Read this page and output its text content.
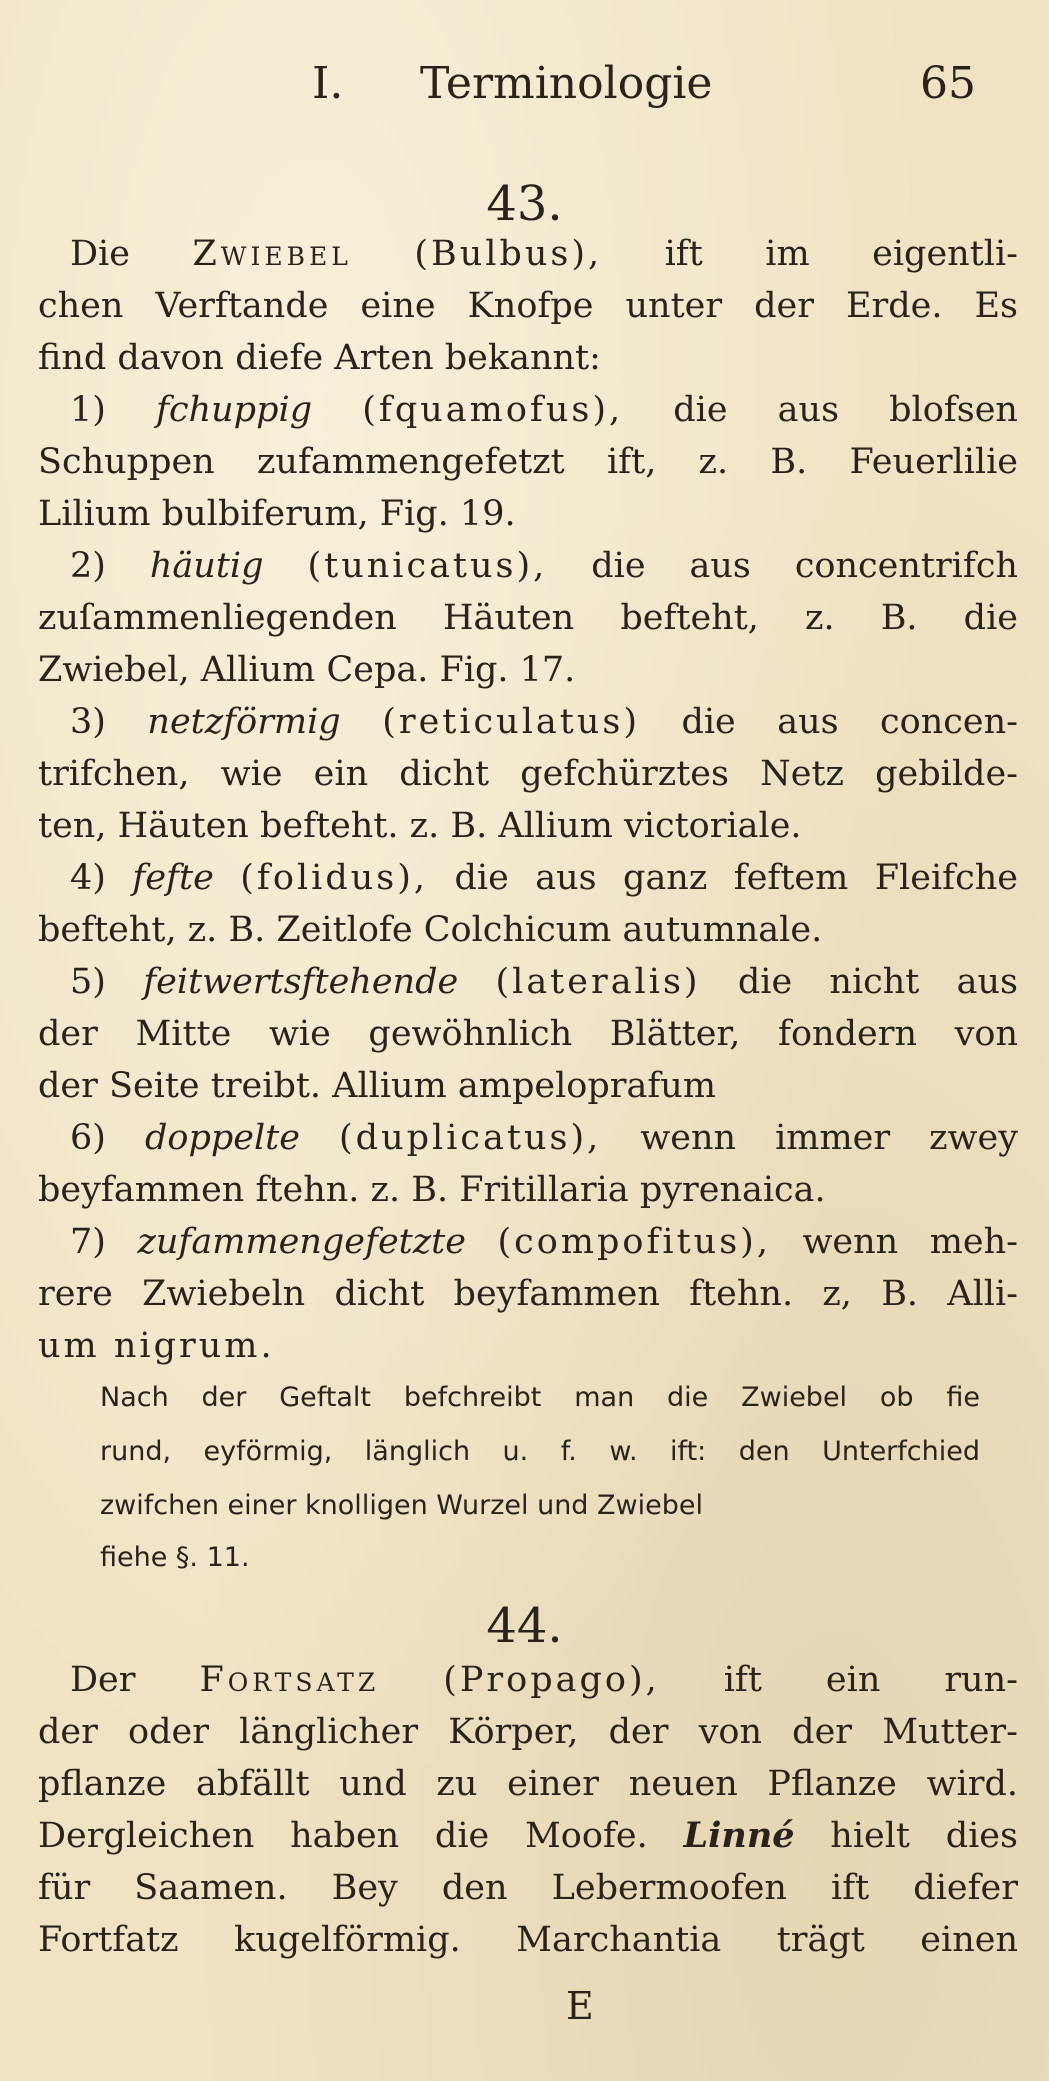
I. Terminologie	65
43.
Die Zwiebel (Bulbus), ift im eigentli-
chen Verftande eine Knofpe unter der Erde. Es
find davon diefe Arten bekannt:
1) fchuppig (fquamofus), die aus blofsen
Schuppen zufammengefetzt ift, z. B. Feuerlilie
Lilium bulbiferum, Fig. 19.
2) häutig (tunicatus), die aus concentrifch
zuſammenliegenden Häuten befteht, z. B. die
Zwiebel, Allium Cepa. Fig. 17.
3) netzförmig (reticulatus) die aus concen-
trifchen, wie ein dicht gefchürztes Netz gebilde-
ten, Häuten befteht. z. B. Allium victoriale.
4) fefte (folidus), die aus ganz feftem Fleifche
befteht, z. B. Zeitlofe Colchicum autumnale.
5) feitwertsftehende (lateralis) die nicht aus
der Mitte wie gewöhnlich Blätter, fondern von
der Seite treibt. Allium ampeloprafum
6) doppelte (duplicatus), wenn immer zwey
beyfammen ftehn. z. B. Fritillaria pyrenaica.
7) zufammengefetzte (compofitus), wenn meh-
rere Zwiebeln dicht beyfammen ftehn. z, B. Alli-
um nigrum.
Nach der Geftalt befchreibt man die Zwiebel ob fie
rund, eyförmig, länglich u. f. w. ift: den Unterfchied
zwifchen einer knolligen Wurzel und Zwiebel
fiehe §. 11.
44.
Der Fortsatz (Propago), ift ein run-
der oder länglicher Körper, der von der Mutter-
pflanze abfällt und zu einer neuen Pflanze wird.
Dergleichen haben die Moofe. Linné hielt dies
für Saamen. Bey den Lebermoofen ift diefer
Fortfatz kugelförmig. Marchantia trägt einen
E
